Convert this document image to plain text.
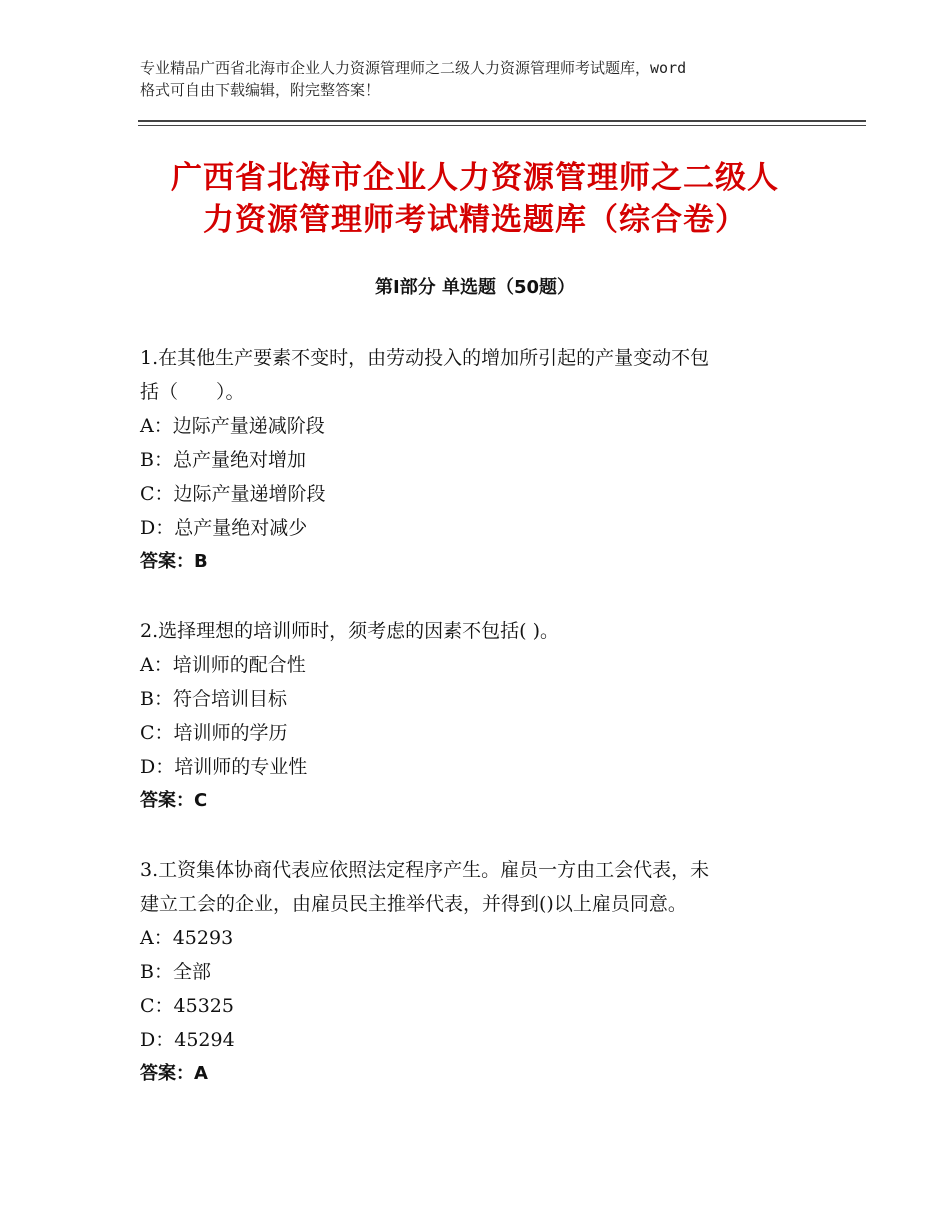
专业精品广西省北海市企业人力资源管理师之二级人力资源管理师考试题库，word
格式可自由下载编辑，附完整答案！
广西省北海市企业人力资源管理师之二级人
力资源管理师考试精选题库（综合卷）
第Ⅰ部分 单选题（50题）
1.在其他生产要素不变时，由劳动投入的增加所引起的产量变动不包
括（　　）。
A：边际产量递减阶段
B：总产量绝对增加
C：边际产量递增阶段
D：总产量绝对减少
答案：B
2.选择理想的培训师时，须考虑的因素不包括( )。
A：培训师的配合性
B：符合培训目标
C：培训师的学历
D：培训师的专业性
答案：C
3.工资集体协商代表应依照法定程序产生。雇员一方由工会代表，未
建立工会的企业，由雇员民主推举代表，并得到()以上雇员同意。
A：45293
B：全部
C：45325
D：45294
答案：A
